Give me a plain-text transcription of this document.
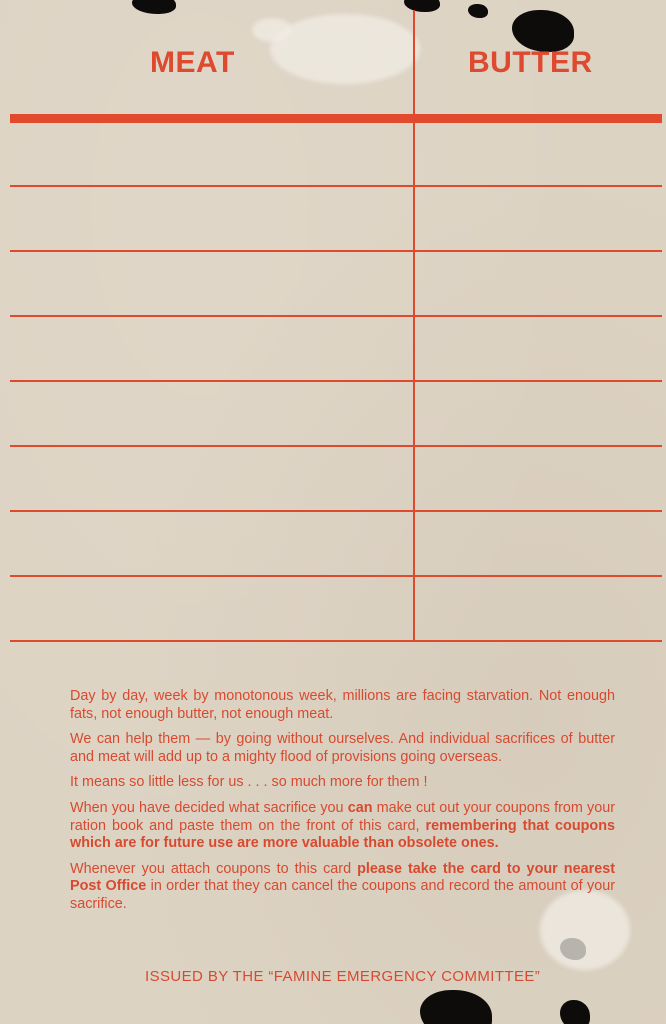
MEAT	BUTTER

Day by day, week by monotonous week, millions are facing starvation. Not enough fats, not enough butter, not enough meat.

We can help them — by going without ourselves. And individual sacrifices of butter and meat will add up to a mighty flood of provisions going overseas.

It means so little less for us . . . so much more for them !

When you have decided what sacrifice you can make cut out your coupons from your ration book and paste them on the front of this card, remembering that coupons which are for future use are more valuable than obsolete ones.

Whenever you attach coupons to this card please take the card to your nearest Post Office in order that they can cancel the coupons and record the amount of your sacrifice.

ISSUED BY THE “FAMINE EMERGENCY COMMITTEE”
